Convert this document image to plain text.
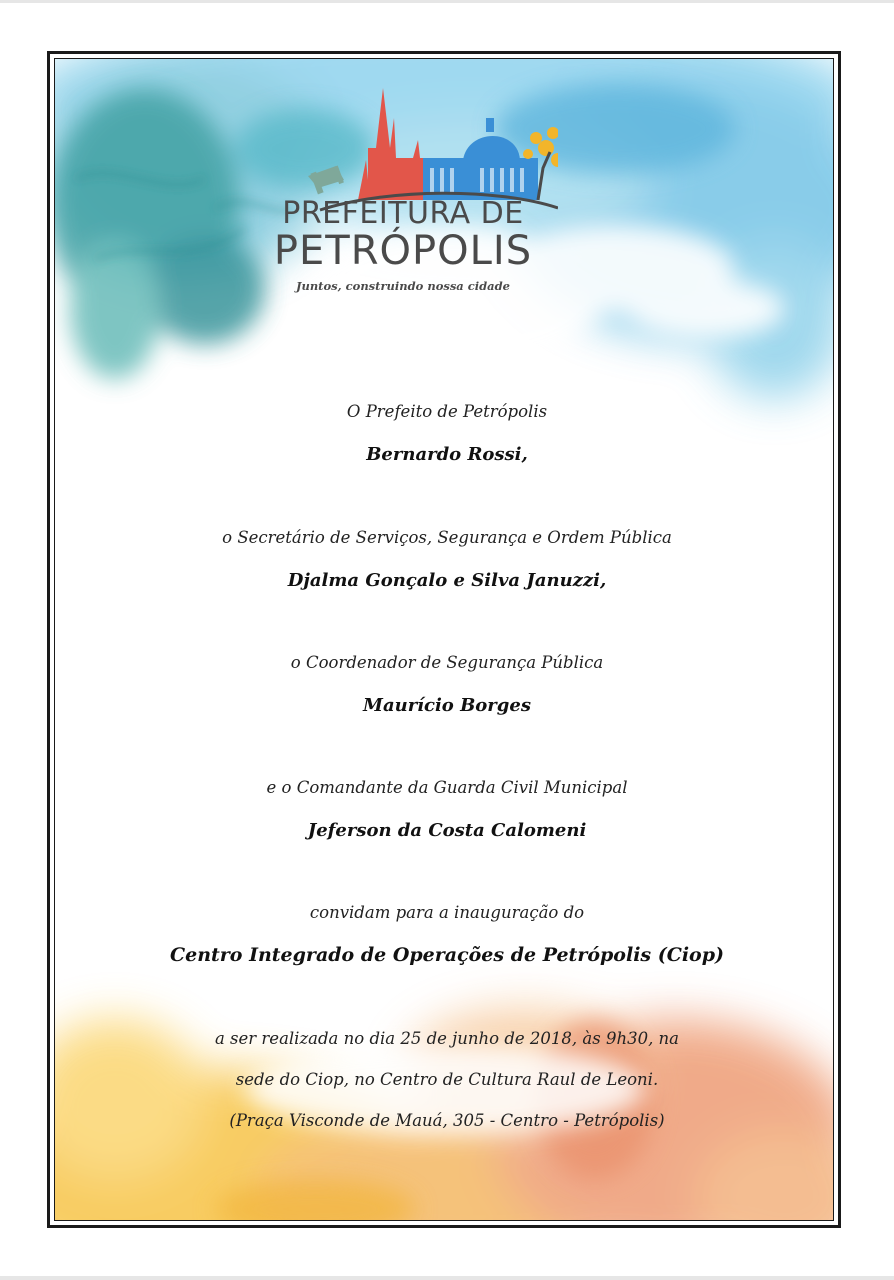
PREFEITURA DE
PETRÓPOLIS
Juntos, construindo nossa cidade
O Prefeito de Petrópolis
Bernardo Rossi,
o Secretário de Serviços, Segurança e Ordem Pública
Djalma Gonçalo e Silva Januzzi,
o Coordenador de Segurança Pública
Maurício Borges
e o Comandante da Guarda Civil Municipal
Jeferson da Costa Calomeni
convidam para a inauguração do
Centro Integrado de Operações de Petrópolis (Ciop)
a ser realizada no dia 25 de junho de 2018, às 9h30, na
sede do Ciop, no Centro de Cultura Raul de Leoni.
(Praça Visconde de Mauá, 305 - Centro - Petrópolis)
